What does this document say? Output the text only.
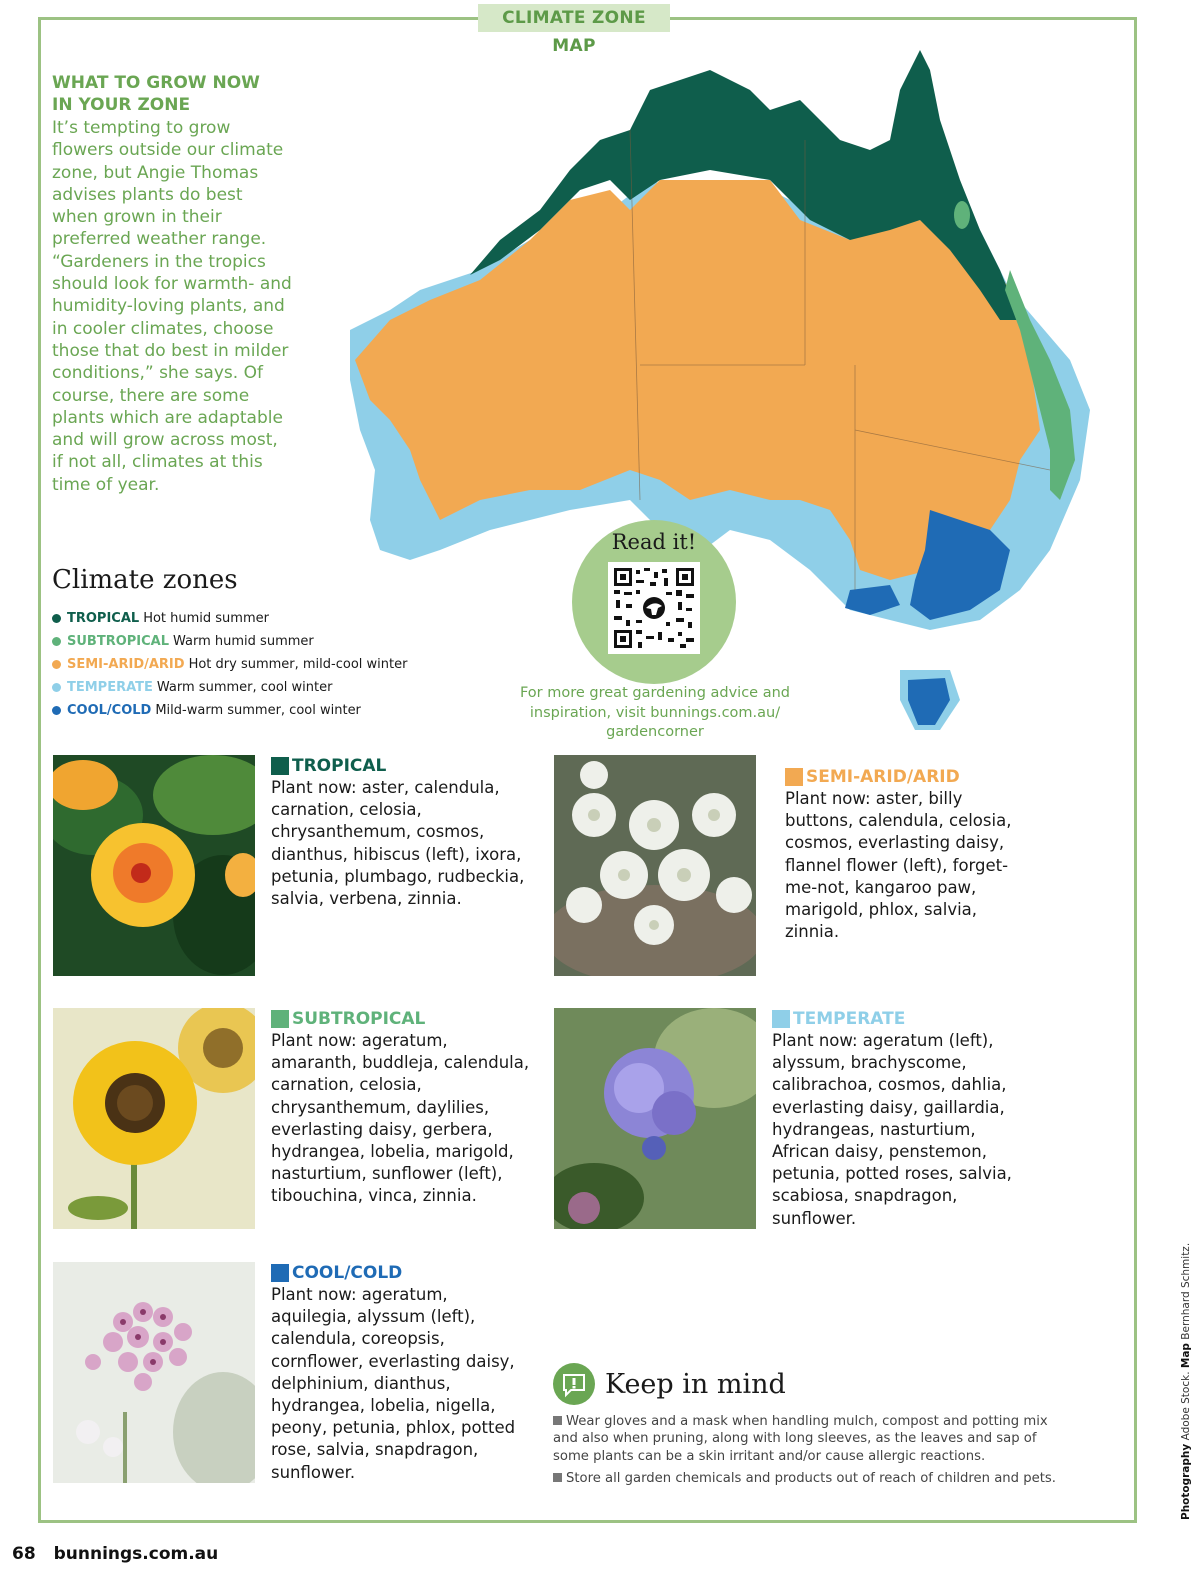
CLIMATE ZONE MAP
WHAT TO GROW NOW
IN YOUR ZONE

It’s tempting to grow flowers outside our climate zone, but Angie Thomas advises plants do best when grown in their preferred weather range. “Gardeners in the tropics should look for warmth- and humidity-loving plants, and in cooler climates, choose those that do best in milder conditions,” she says. Of course, there are some plants which are adaptable and will grow across most, if not all, climates at this time of year.

Climate zones
TROPICAL Hot humid summer
SUBTROPICAL Warm humid summer
SEMI-ARID/ARID Hot dry summer, mild-cool winter
TEMPERATE Warm summer, cool winter
COOL/COLD Mild-warm summer, cool winter
Read it!
For more great gardening advice and
inspiration, visit bunnings.com.au/
gardencorner
TROPICAL
Plant now: aster, calendula, carnation, celosia, chrysanthemum, cosmos, dianthus, hibiscus (left), ixora, petunia, plumbago, rudbeckia, salvia, verbena, zinnia.
SEMI-ARID/ARID
Plant now: aster, billy buttons, calendula, celosia, cosmos, everlasting daisy, flannel flower (left), forget-me-not, kangaroo paw, marigold, phlox, salvia, zinnia.
SUBTROPICAL
Plant now: ageratum, amaranth, buddleja, calendula, carnation, celosia, chrysanthemum, daylilies, everlasting daisy, gerbera, hydrangea, lobelia, marigold, nasturtium, sunflower (left), tibouchina, vinca, zinnia.
TEMPERATE
Plant now: ageratum (left), alyssum, brachyscome, calibrachoa, cosmos, dahlia, everlasting daisy, gaillardia, hydrangeas, nasturtium, African daisy, penstemon, petunia, potted roses, salvia, scabiosa, snapdragon, sunflower.
COOL/COLD
Plant now: ageratum, aquilegia, alyssum (left), calendula, coreopsis, cornflower, everlasting daisy, delphinium, dianthus, hydrangea, lobelia, nigella, peony, petunia, phlox, potted rose, salvia, snapdragon, sunflower.
Keep in mind
Wear gloves and a mask when handling mulch, compost and potting mix and also when pruning, along with long sleeves, as the leaves and sap of some plants can be a skin irritant and/or cause allergic reactions.
Store all garden chemicals and products out of reach of children and pets.	Photography Adobe Stock. Map Bernhard Schmitz.
68 bunnings.com.au
